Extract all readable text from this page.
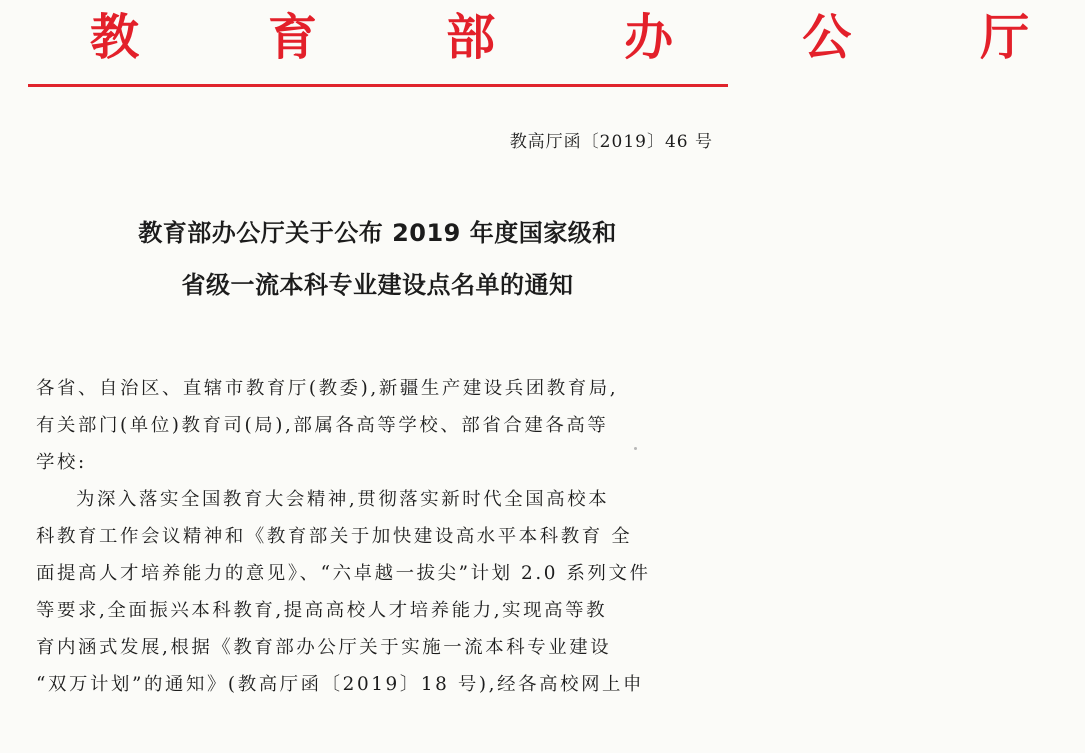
教 育 部 办 公 厅
教高厅函〔2019〕46 号
教育部办公厅关于公布 2019 年度国家级和
省级一流本科专业建设点名单的通知
各省、自治区、直辖市教育厅(教委),新疆生产建设兵团教育局,
有关部门(单位)教育司(局),部属各高等学校、部省合建各高等
学校:
为深入落实全国教育大会精神,贯彻落实新时代全国高校本
科教育工作会议精神和《教育部关于加快建设高水平本科教育 全
面提高人才培养能力的意见》、“六卓越一拔尖”计划 2.0 系列文件
等要求,全面振兴本科教育,提高高校人才培养能力,实现高等教
育内涵式发展,根据《教育部办公厅关于实施一流本科专业建设
“双万计划”的通知》(教高厅函〔2019〕18 号),经各高校网上申
